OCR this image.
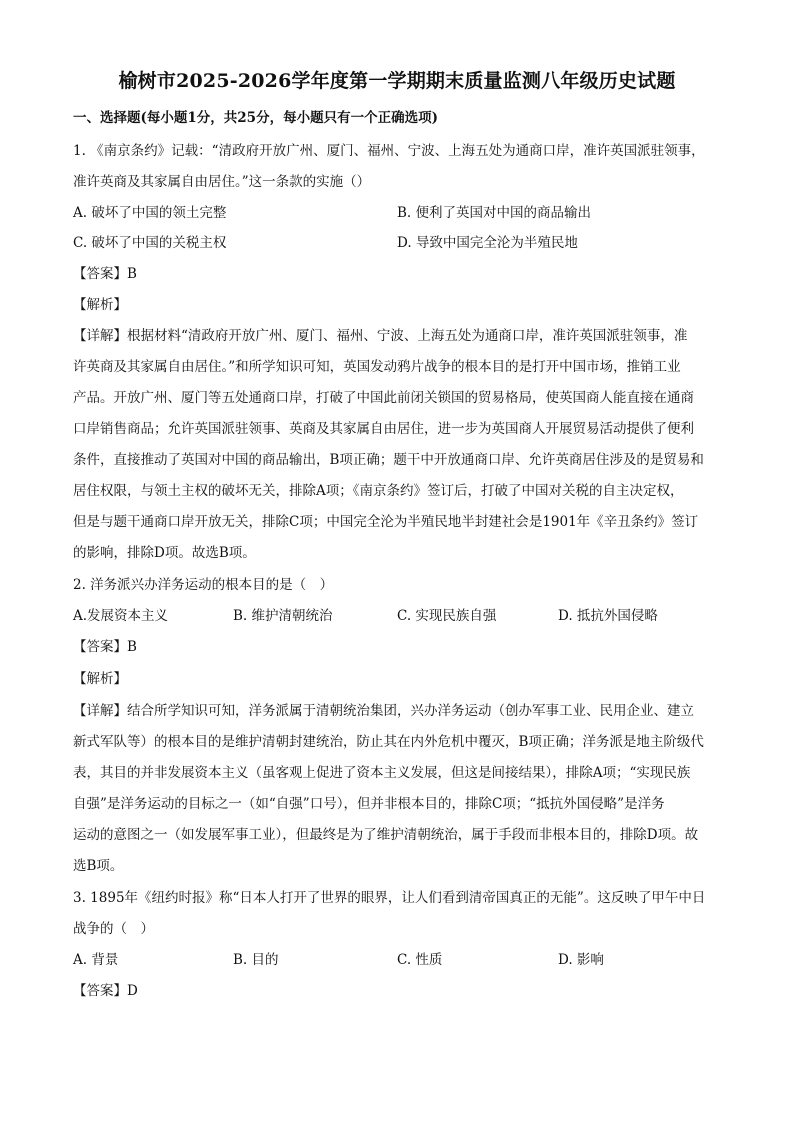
榆树市2025-2026学年度第一学期期末质量监测八年级历史试题
一、选择题(每小题1分，共25分，每小题只有一个正确选项)
1. 《南京条约》记载：“清政府开放广州、厦门、福州、宁波、上海五处为通商口岸，准许英国派驻领事，
准许英商及其家属自由居住。”这一条款的实施（）
A. 破坏了中国的领土完整	B. 便利了英国对中国的商品输出
C. 破坏了中国的关税主权	D. 导致中国完全沦为半殖民地
【答案】B
【解析】
【详解】根据材料“清政府开放广州、厦门、福州、宁波、上海五处为通商口岸，准许英国派驻领事，准
许英商及其家属自由居住。”和所学知识可知，英国发动鸦片战争的根本目的是打开中国市场，推销工业
产品。开放广州、厦门等五处通商口岸，打破了中国此前闭关锁国的贸易格局，使英国商人能直接在通商
口岸销售商品；允许英国派驻领事、英商及其家属自由居住，进一步为英国商人开展贸易活动提供了便利
条件，直接推动了英国对中国的商品输出，B项正确；题干中开放通商口岸、允许英商居住涉及的是贸易和
居住权限，与领土主权的破坏无关，排除A项；《南京条约》签订后，打破了中国对关税的自主决定权，
但是与题干通商口岸开放无关，排除C项；中国完全沦为半殖民地半封建社会是1901年《辛丑条约》签订
的影响，排除D项。故选B项。
2. 洋务派兴办洋务运动的根本目的是（　）
A.发展资本主义	B. 维护清朝统治	C. 实现民族自强	D. 抵抗外国侵略
【答案】B
【解析】
【详解】结合所学知识可知，洋务派属于清朝统治集团，兴办洋务运动（创办军事工业、民用企业、建立
新式军队等）的根本目的是维护清朝封建统治，防止其在内外危机中覆灭，B项正确；洋务派是地主阶级代
表，其目的并非发展资本主义（虽客观上促进了资本主义发展，但这是间接结果），排除A项；“实现民族
自强”是洋务运动的目标之一（如“自强”口号），但并非根本目的，排除C项；“抵抗外国侵略”是洋务
运动的意图之一（如发展军事工业），但最终是为了维护清朝统治，属于手段而非根本目的，排除D项。故
选B项。
3. 1895年《纽约时报》称“日本人打开了世界的眼界，让人们看到清帝国真正的无能”。这反映了甲午中日
战争的（　）
A. 背景	B. 目的	C. 性质	D. 影响
【答案】D
